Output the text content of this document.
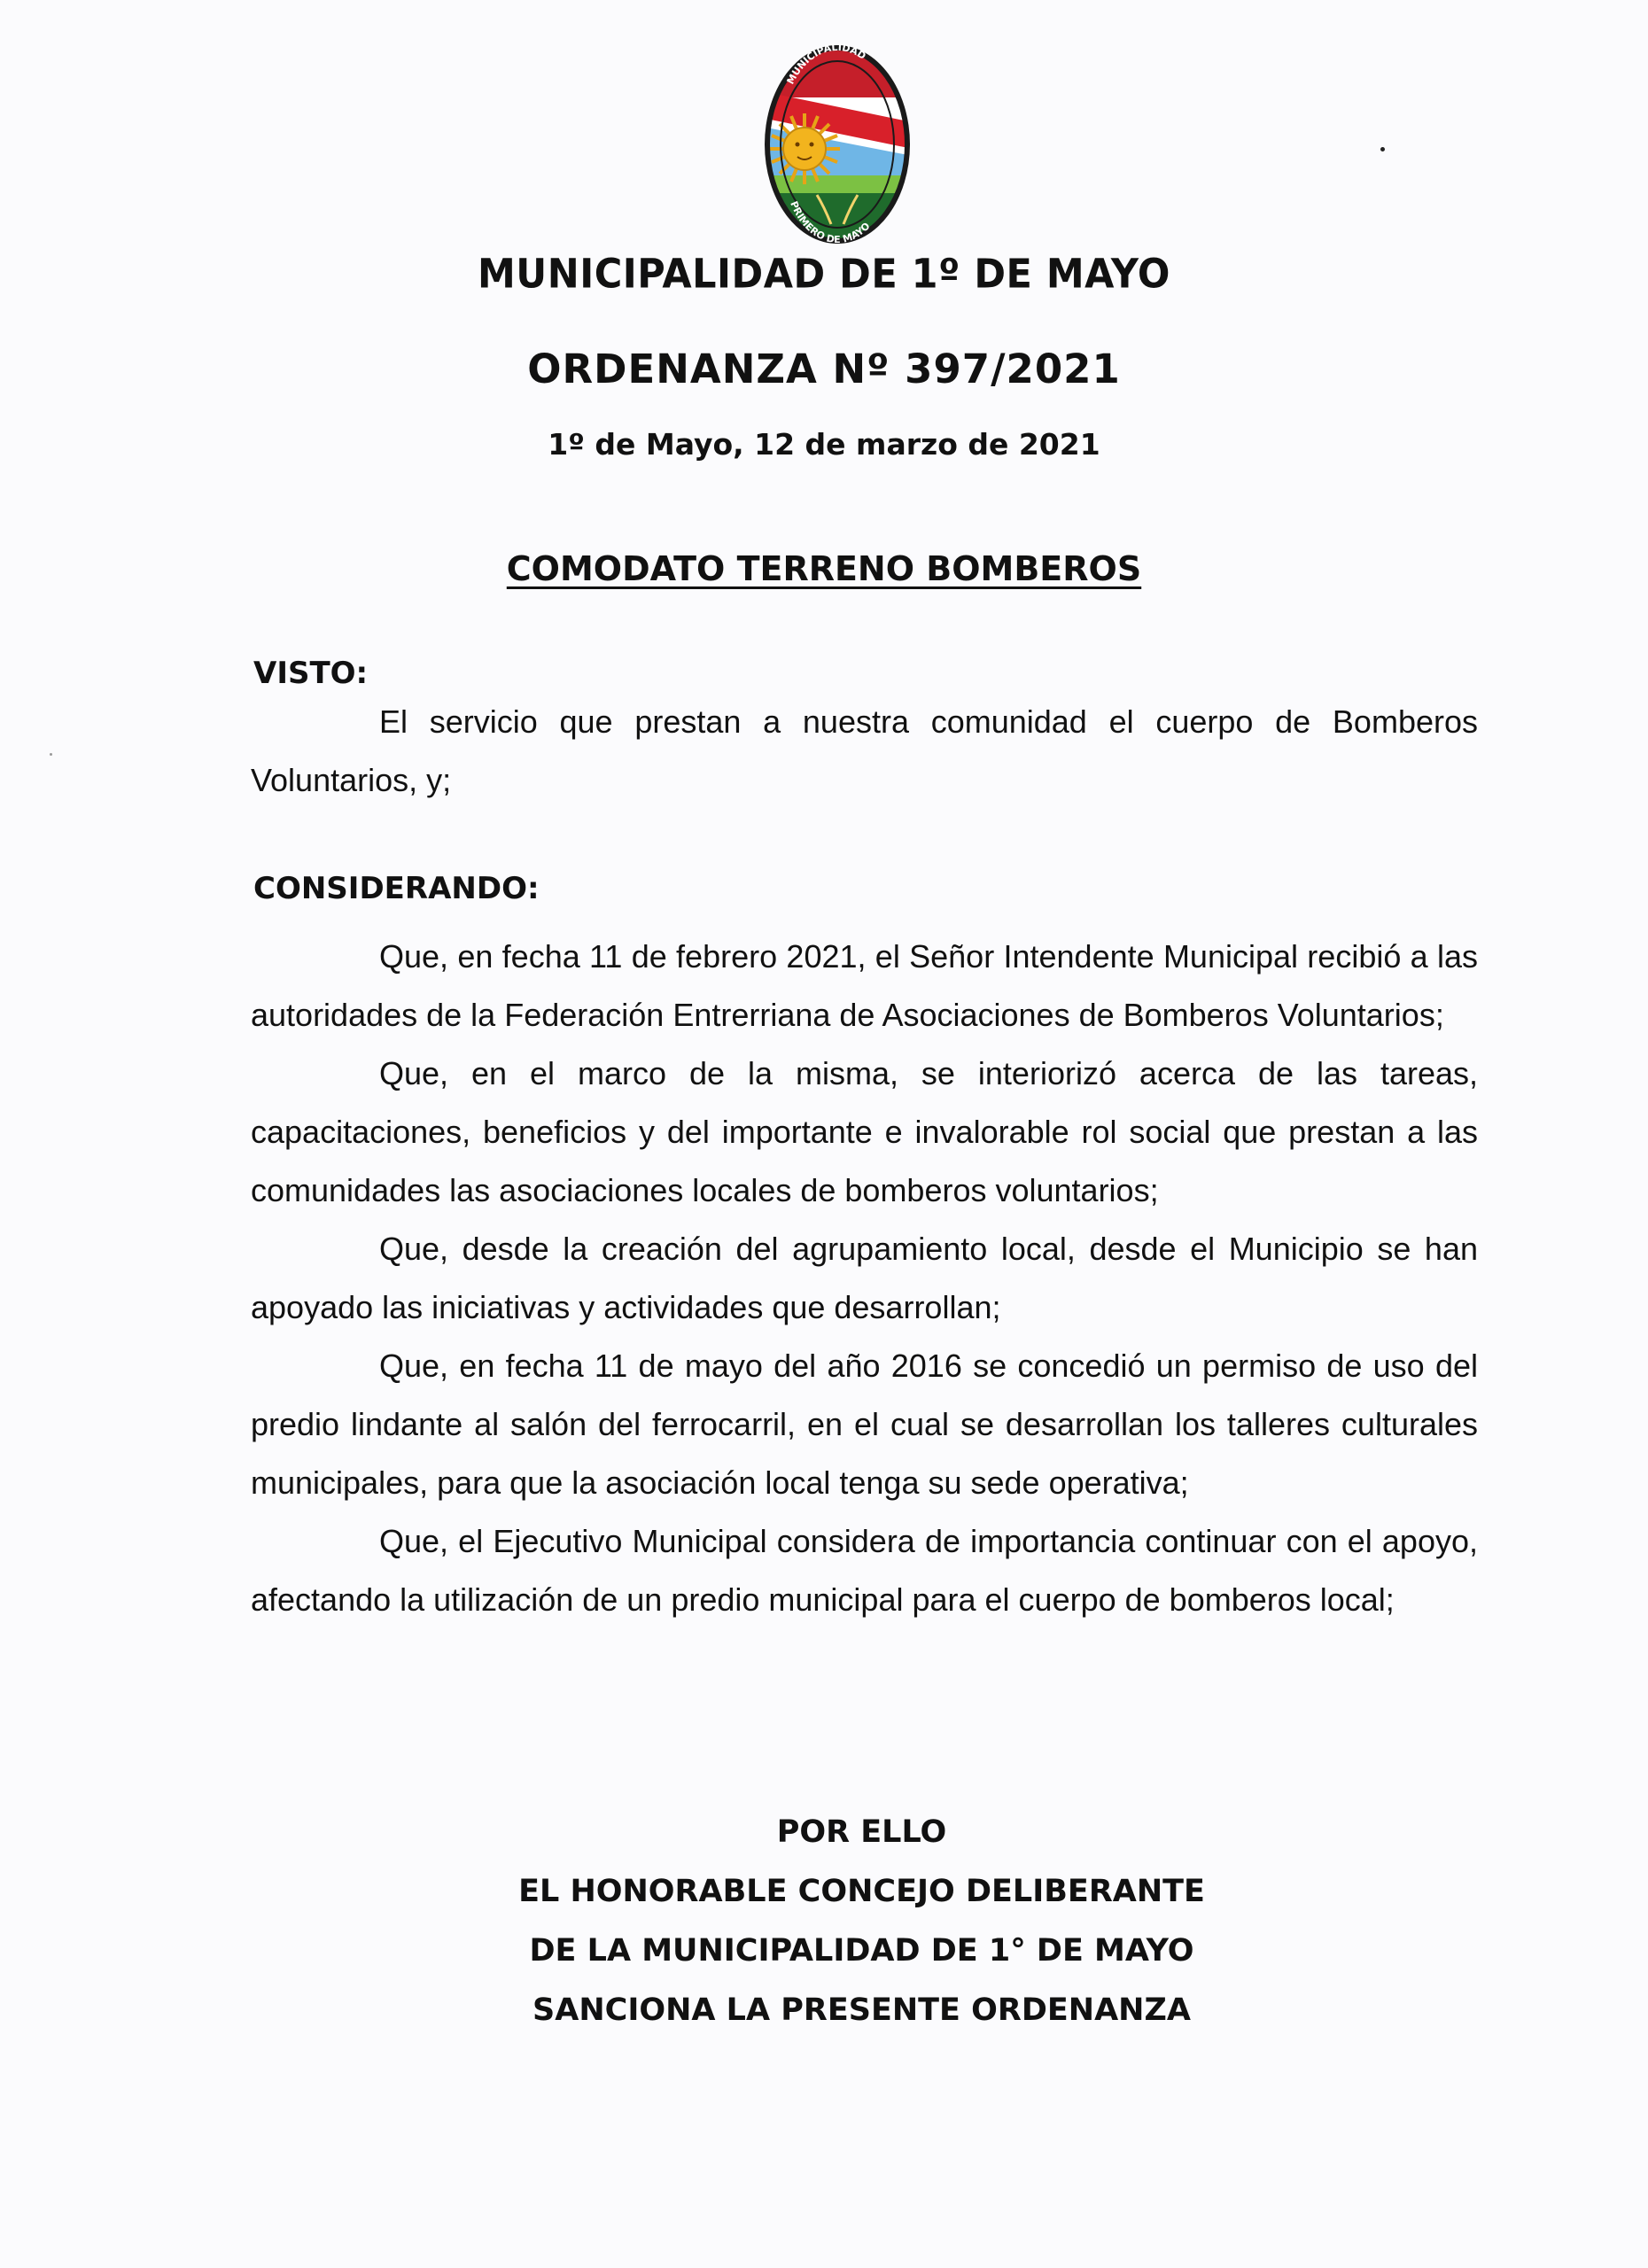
MUNICIPALIDAD
PRIMERO DE MAYO
MUNICIPALIDAD DE 1º DE MAYO
ORDENANZA Nº 397/2021
1º de Mayo, 12 de marzo de 2021
COMODATO TERRENO BOMBEROS
VISTO:

El servicio que prestan a nuestra comunidad el cuerpo de Bomberos Voluntarios, y;

CONSIDERANDO:

Que, en fecha 11 de febrero 2021, el Señor Intendente Municipal recibió a las autoridades de la Federación Entrerriana de Asociaciones de Bomberos Voluntarios;

Que, en el marco de la misma, se interiorizó acerca de las tareas, capacitaciones, beneficios y del importante e invalorable rol social que prestan a las comunidades las asociaciones locales de bomberos voluntarios;

Que, desde la creación del agrupamiento local, desde el Municipio se han apoyado las iniciativas y actividades que desarrollan;

Que, en fecha 11 de mayo del año 2016 se concedió un permiso de uso del predio lindante al salón del ferrocarril, en el cual se desarrollan los talleres culturales municipales, para que la asociación local tenga su sede operativa;

Que, el Ejecutivo Municipal considera de importancia continuar con el apoyo, afectando la utilización de un predio municipal para el cuerpo de bomberos local;

POR ELLO
EL HONORABLE CONCEJO DELIBERANTE
DE LA MUNICIPALIDAD DE 1° DE MAYO
SANCIONA LA PRESENTE ORDENANZA
